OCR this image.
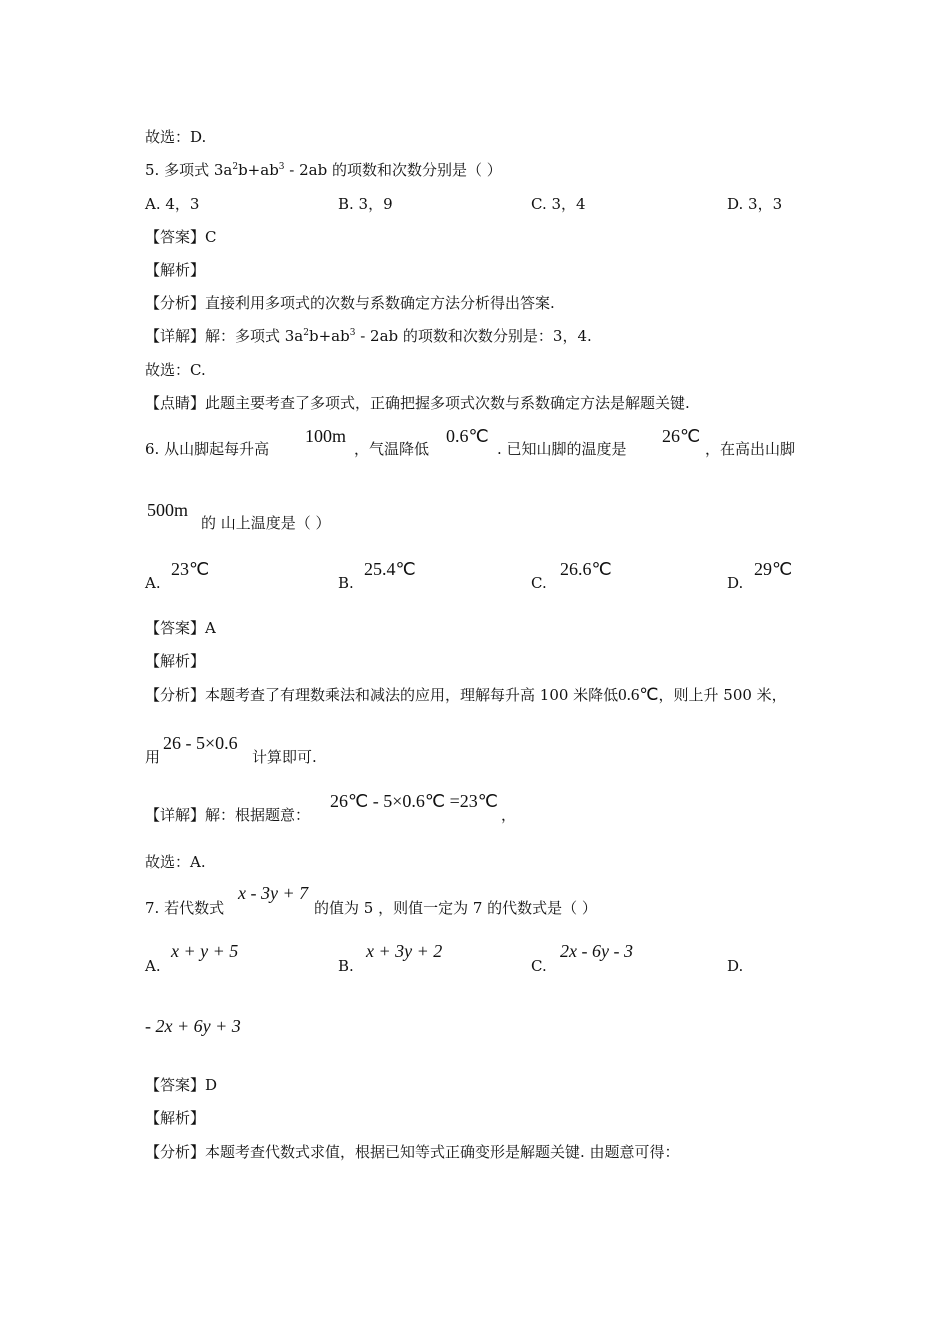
故选：D.
5. 多项式 $3a^2b+ab^3 - 2ab$ 的项数和次数分别是（ ）
A. 4，3	B. 3，9	C. 3，4	D. 3，3
【答案】C
【解析】
【分析】直接利用多项式的次数与系数确定方法分析得出答案.
【详解】解：多项式 $3a^2b+ab^3 - 2ab$ 的项数和次数分别是：3，4.
故选：C.
【点睛】此题主要考查了多项式，正确把握多项式次数与系数确定方法是解题关键.
6. 从山脚起每升高
100m
，气温降低
0.6℃
. 已知山脚的温度是
26℃
，在高出山脚
500m
的 山上温度是（ ）
A.
23℃
B.
25.4℃
C.
26.6℃
D.
29℃
【答案】A
【解析】
【分析】本题考查了有理数乘法和减法的应用，理解每升高 100 米降低0.6℃，则上升 500 米，
用
26 - 5×0.6
计算即可.
【详解】解：根据题意：
26℃ - 5×0.6℃ =23℃
，
故选：A.
7. 若代数式
x - 3y + 7
的值为 5 ，则值一定为 7 的代数式是（ ）
A.
x + y + 5
B.
x + 3y + 2
C.
2x - 6y - 3
D.
- 2x + 6y + 3
【答案】D
【解析】
【分析】本题考查代数式求值，根据已知等式正确变形是解题关键. 由题意可得：
